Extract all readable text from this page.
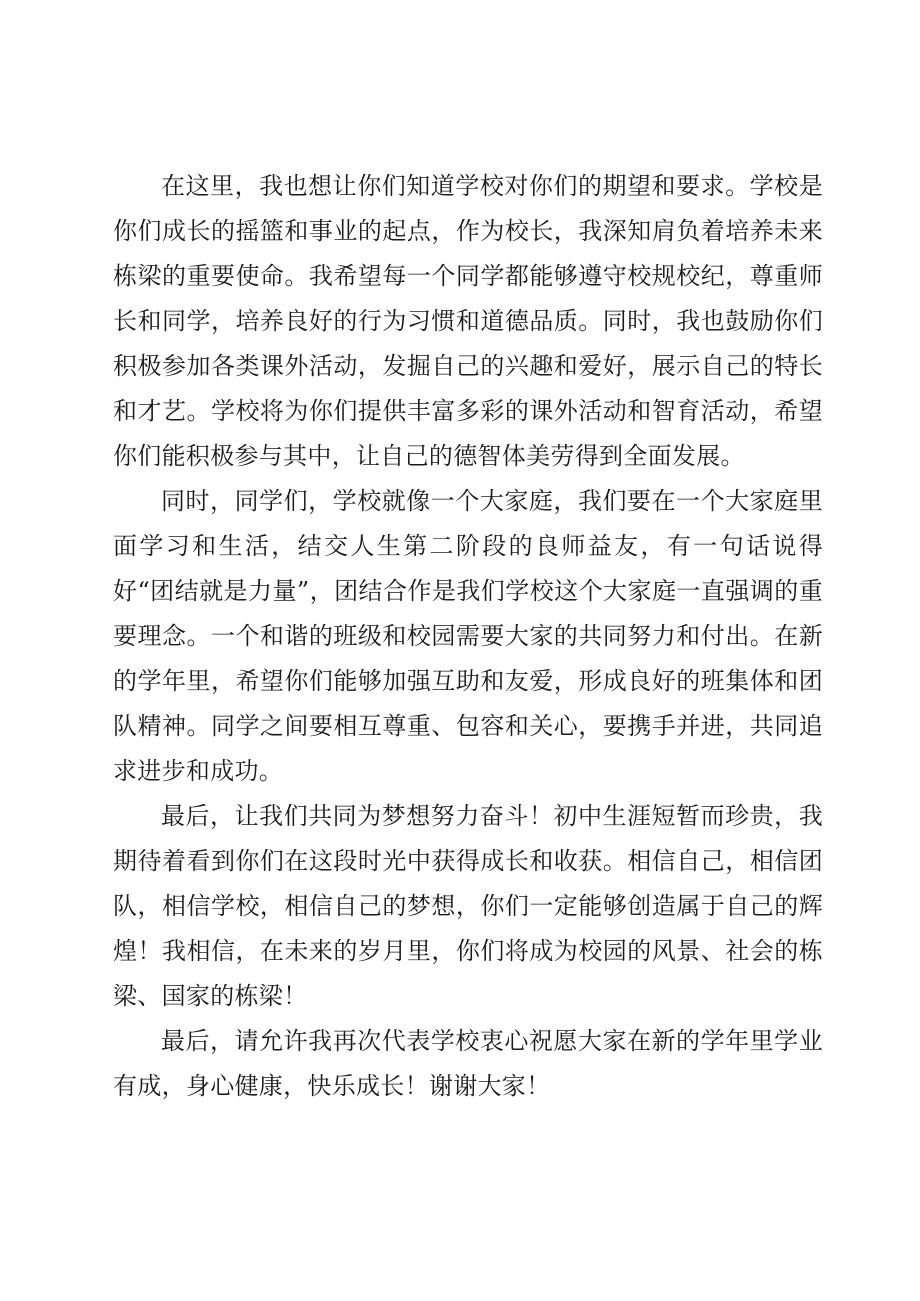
在这里，我也想让你们知道学校对你们的期望和要求。学校是你们成长的摇篮和事业的起点，作为校长，我深知肩负着培养未来栋梁的重要使命。我希望每一个同学都能够遵守校规校纪，尊重师长和同学，培养良好的行为习惯和道德品质。同时，我也鼓励你们积极参加各类课外活动，发掘自己的兴趣和爱好，展示自己的特长和才艺。学校将为你们提供丰富多彩的课外活动和智育活动，希望你们能积极参与其中，让自己的德智体美劳得到全面发展。

同时，同学们，学校就像一个大家庭，我们要在一个大家庭里面学习和生活，结交人生第二阶段的良师益友，有一句话说得好“团结就是力量”，团结合作是我们学校这个大家庭一直强调的重要理念。一个和谐的班级和校园需要大家的共同努力和付出。在新的学年里，希望你们能够加强互助和友爱，形成良好的班集体和团队精神。同学之间要相互尊重、包容和关心，要携手并进，共同追求进步和成功。

最后，让我们共同为梦想努力奋斗！初中生涯短暂而珍贵，我期待着看到你们在这段时光中获得成长和收获。相信自己，相信团队，相信学校，相信自己的梦想，你们一定能够创造属于自己的辉煌！我相信，在未来的岁月里，你们将成为校园的风景、社会的栋梁、国家的栋梁！

最后，请允许我再次代表学校衷心祝愿大家在新的学年里学业有成，身心健康，快乐成长！谢谢大家！
